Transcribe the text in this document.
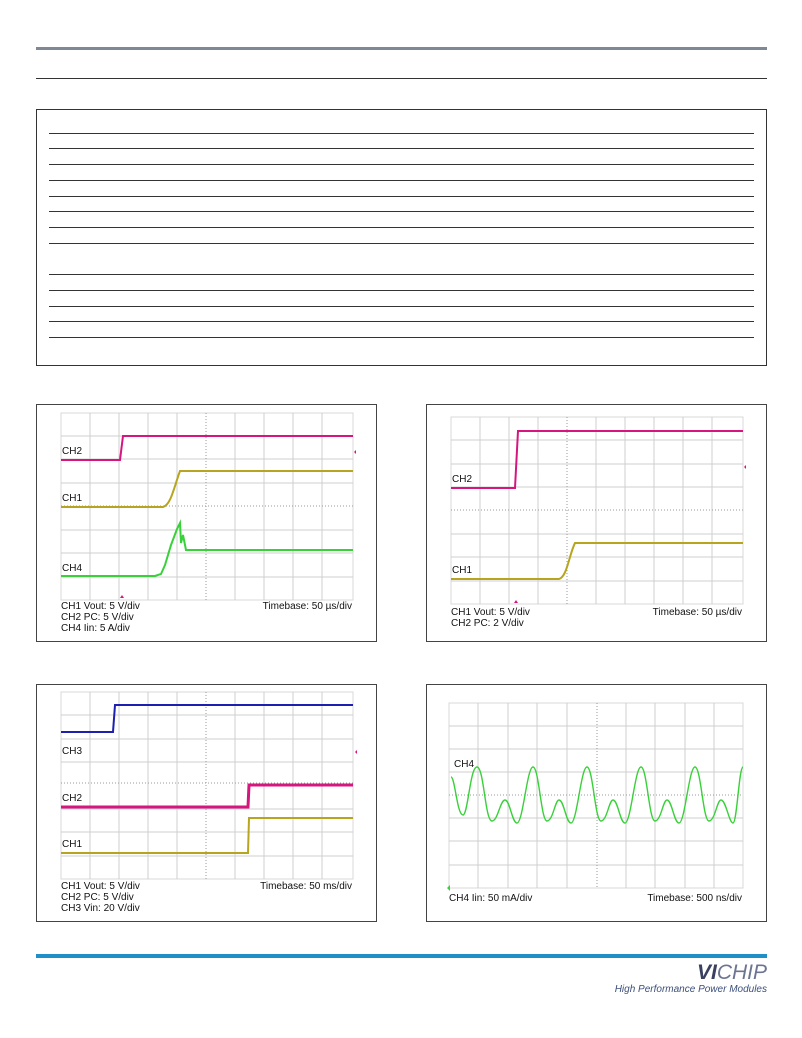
CH2
CH1
CH4
CH1 Vout: 5 V/div
CH2 PC: 5 V/div
CH4 Iin: 5 A/div
Timebase: 50 µs/div
CH2
CH1
CH1 Vout: 5 V/div
CH2 PC: 2 V/div
Timebase: 50 µs/div
CH3
CH2
CH1
CH1 Vout: 5 V/div
CH2 PC: 5 V/div
CH3 Vin: 20 V/div
Timebase: 50 ms/div
CH4
CH4 Iin: 50 mA/div	Timebase: 500 ns/div
VICHIP
High Performance Power Modules
